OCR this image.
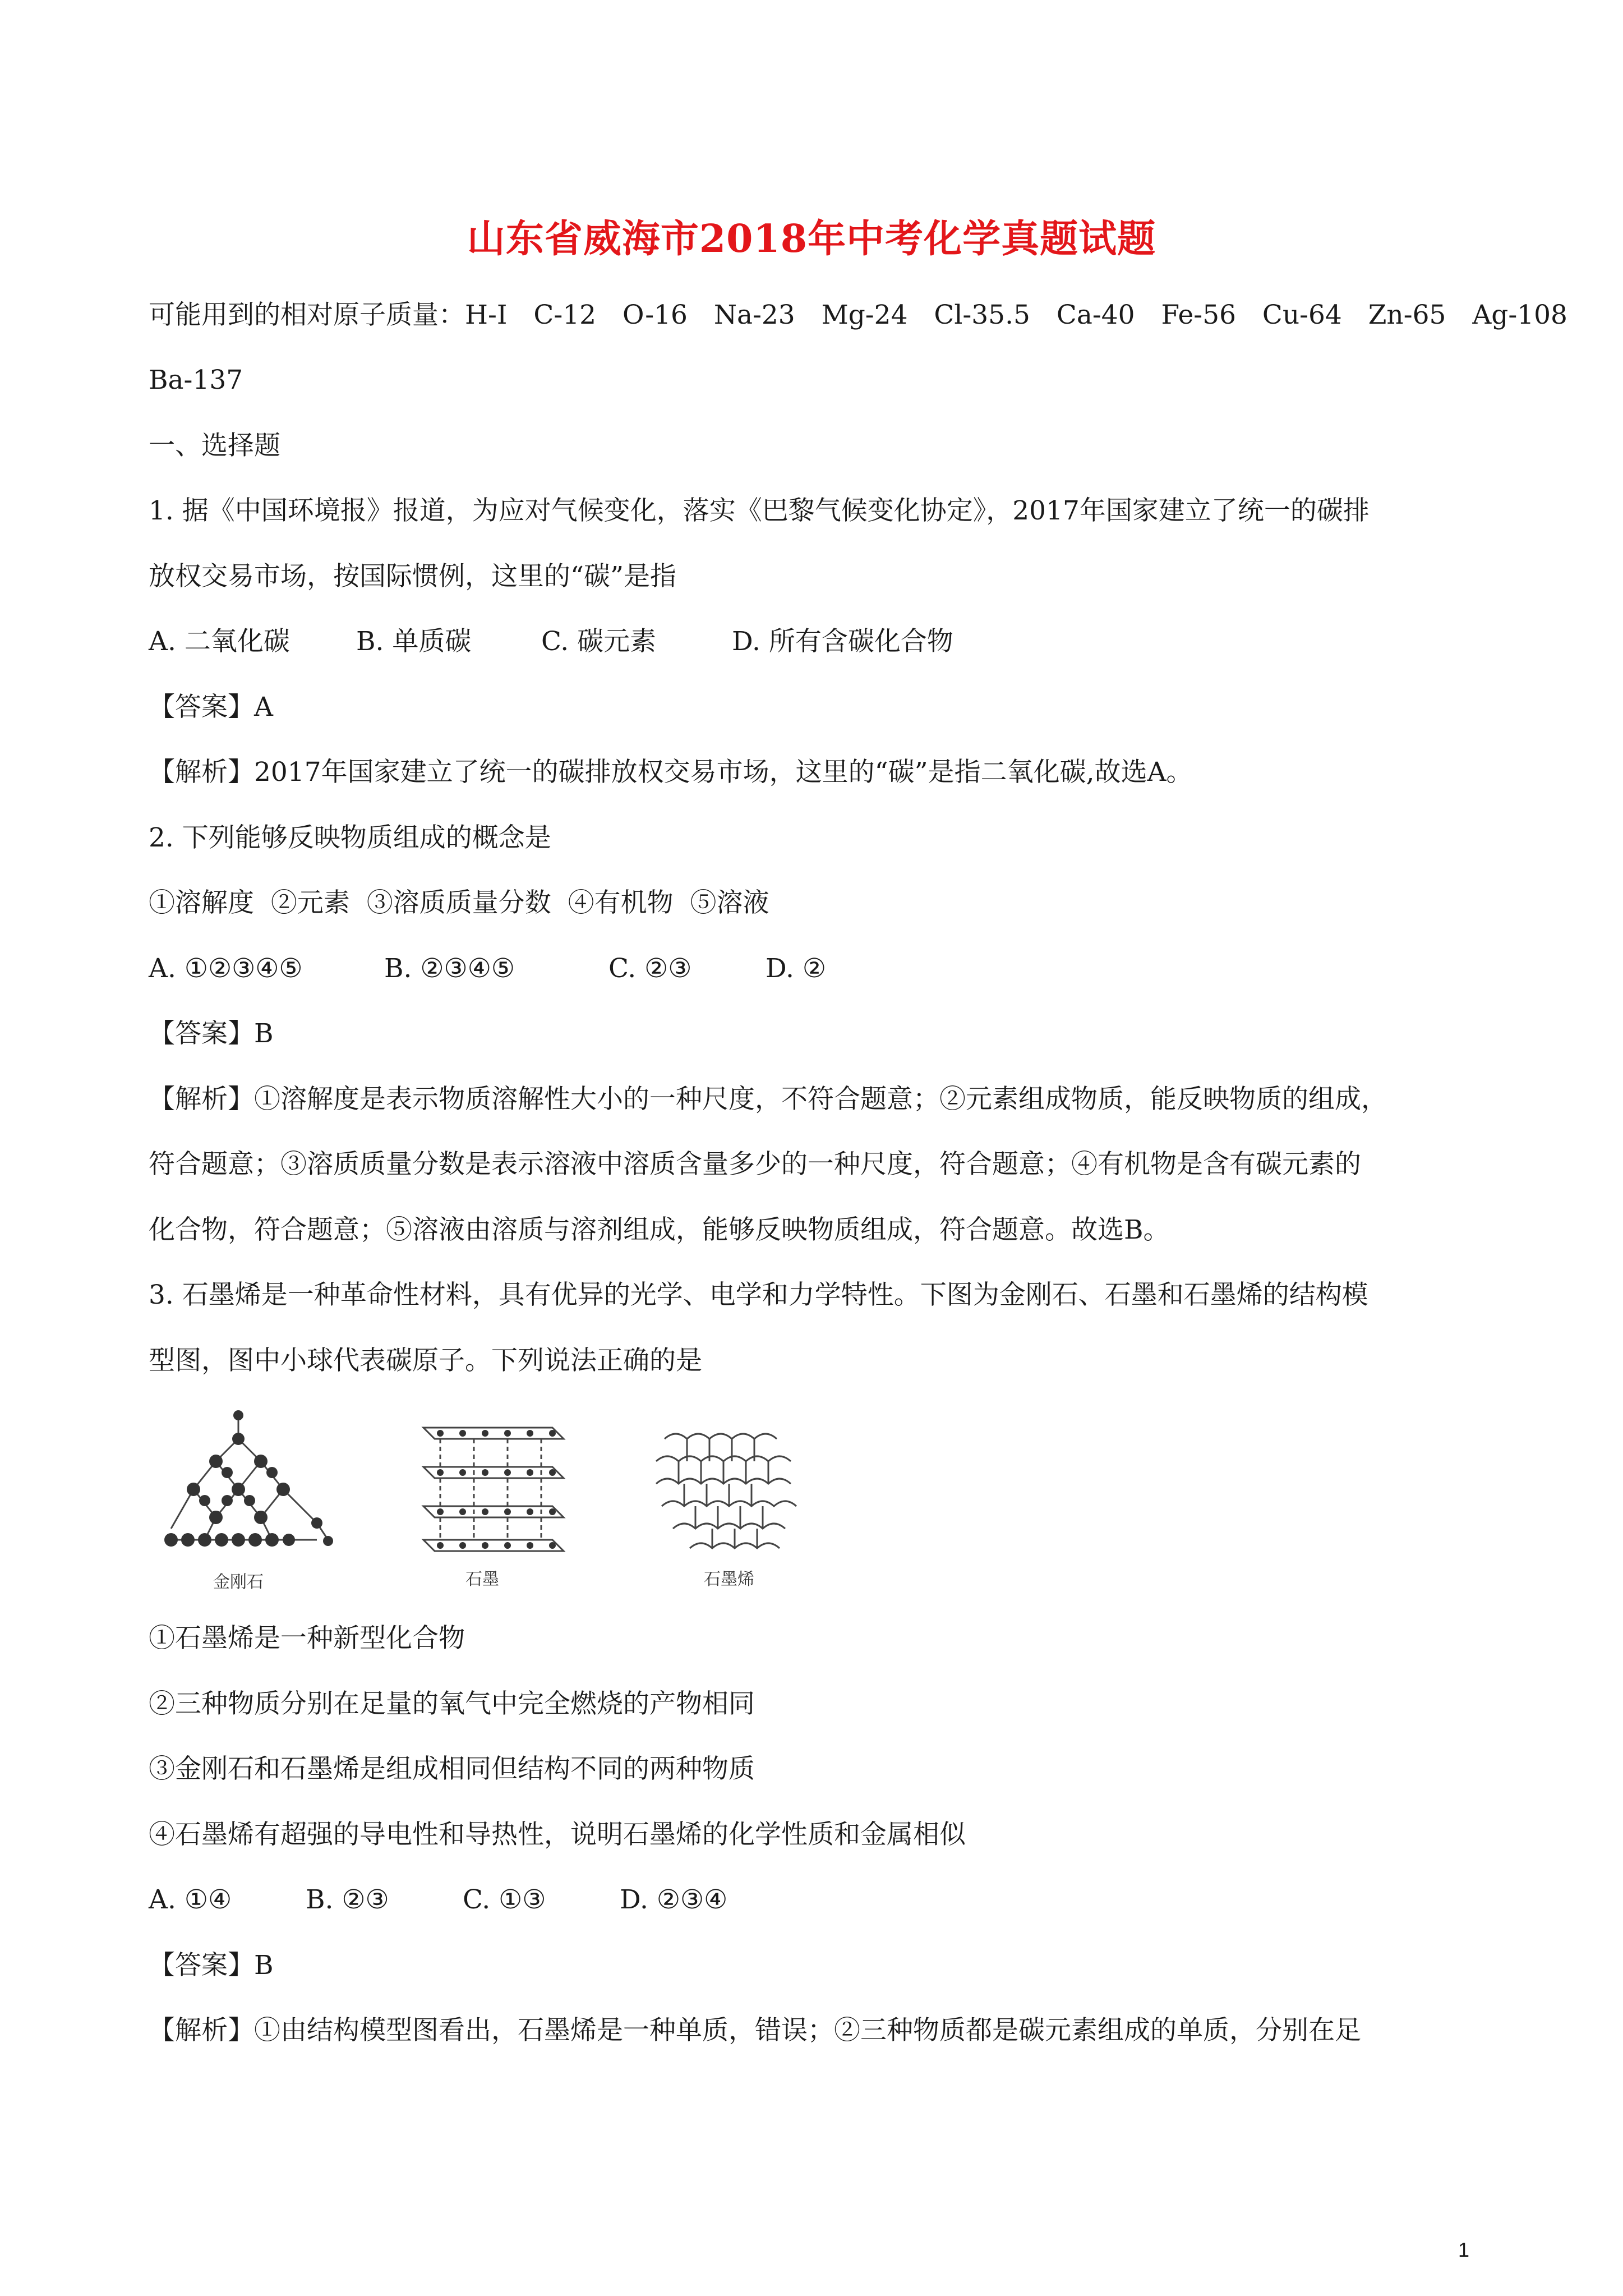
山东省威海市2018年中考化学真题试题
可能用到的相对原子质量：H-I C-12 O-16 Na-23 Mg-24 Cl-35.5 Ca-40 Fe-56 Cu-64 Zn-65 Ag-108
Ba-137
一、选择题
1. 据《中国环境报》报道，为应对气候变化，落实《巴黎气候变化协定》，2017年国家建立了统一的碳排
放权交易市场，按国际惯例，这里的“碳”是指
A. 二氧化碳	B. 单质碳	C. 碳元素	D. 所有含碳化合物
【答案】A
【解析】2017年国家建立了统一的碳排放权交易市场，这里的“碳”是指二氧化碳,故选A。
2. 下列能够反映物质组成的概念是
①溶解度  ②元素  ③溶质质量分数  ④有机物  ⑤溶液
A. ①②③④⑤	B. ②③④⑤	C. ②③	D. ②
【答案】B
【解析】①溶解度是表示物质溶解性大小的一种尺度，不符合题意；②元素组成物质，能反映物质的组成，
符合题意；③溶质质量分数是表示溶液中溶质含量多少的一种尺度，符合题意；④有机物是含有碳元素的
化合物，符合题意；⑤溶液由溶质与溶剂组成，能够反映物质组成，符合题意。故选B。
3. 石墨烯是一种革命性材料，具有优异的光学、电学和力学特性。下图为金刚石、石墨和石墨烯的结构模
型图，图中小球代表碳原子。下列说法正确的是
金刚石	石墨	石墨烯
①石墨烯是一种新型化合物
②三种物质分别在足量的氧气中完全燃烧的产物相同
③金刚石和石墨烯是组成相同但结构不同的两种物质
④石墨烯有超强的导电性和导热性，说明石墨烯的化学性质和金属相似
A. ①④	B. ②③	C. ①③	D. ②③④
【答案】B
【解析】①由结构模型图看出，石墨烯是一种单质，错误；②三种物质都是碳元素组成的单质，分别在足
1
